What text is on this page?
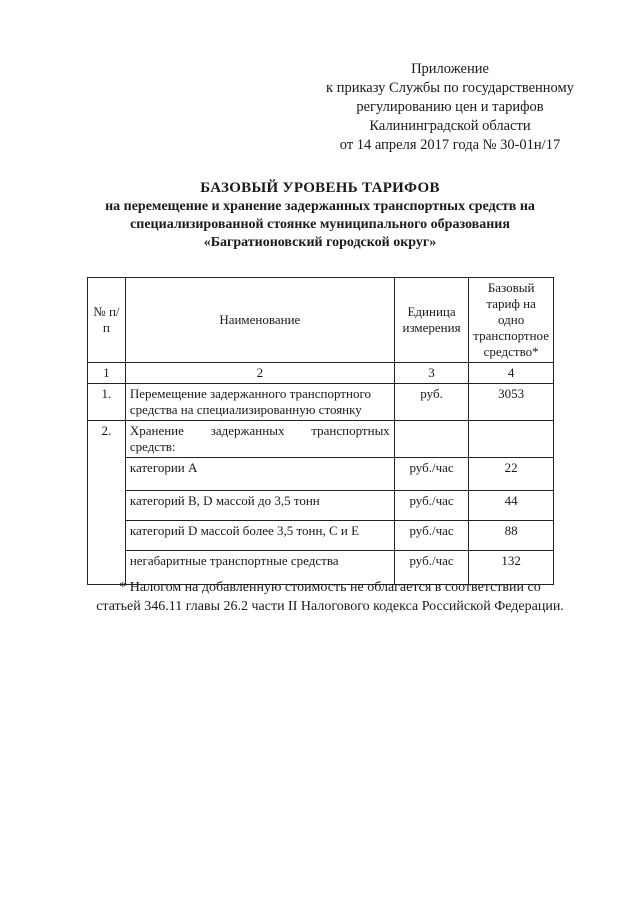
Приложение
к приказу Службы по государственному
регулированию цен и тарифов
Калининградской области
от 14 апреля 2017 года № 30-01н/17
БАЗОВЫЙ УРОВЕНЬ ТАРИФОВ
на перемещение и хранение задержанных транспортных средств на
специализированной стоянке муниципального образования
«Багратионовский городской округ»
№ п/п	Наименование	Единица измерения	Базовый тариф на одно транспортное средство*
1	2	3	4
1.	Перемещение задержанного транспортного средства на специализированную стоянку	руб.	3053
2.	Хранение задержанных транспортных средств:		
	категории А	руб./час	22
	категорий В, D массой до 3,5 тонн	руб./час	44
	категорий D массой более 3,5 тонн, С и Е	руб./час	88
	негабаритные транспортные средства	руб./час	132
* Налогом на добавленную стоимость не облагается в соответствии со
статьей 346.11 главы 26.2 части II Налогового кодекса Российской Федерации.
